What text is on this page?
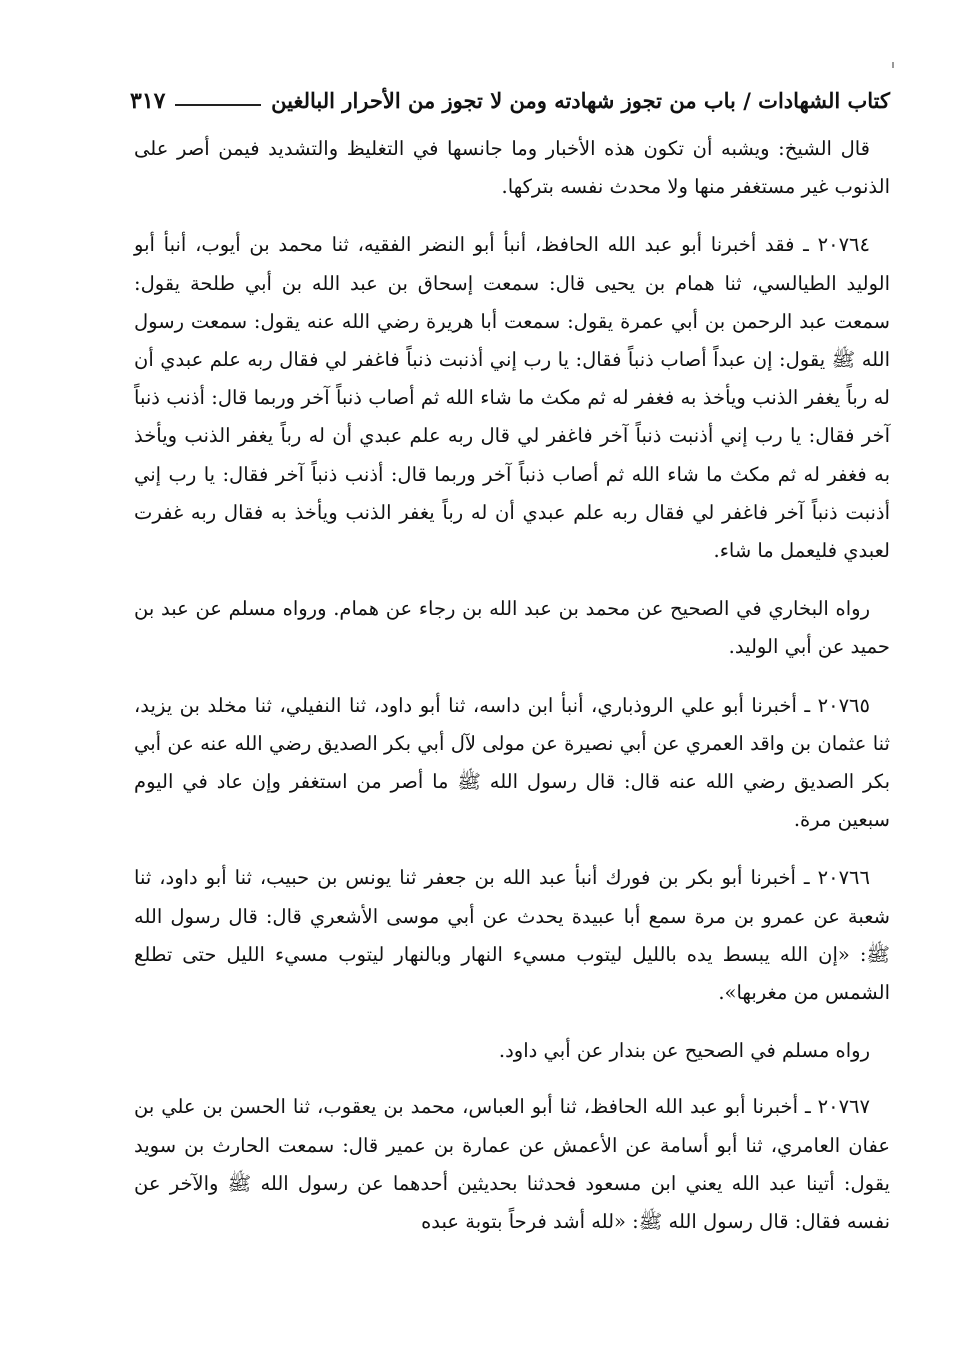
كتاب الشهادات / باب من تجوز شهادته ومن لا تجوز من الأحرار البالغين
٣١٧

قال الشيخ: ويشبه أن تكون هذه الأخبار وما جانسها في التغليظ والتشديد فيمن أصر على الذنوب غير مستغفر منها ولا محدث نفسه بتركها.

٢٠٧٦٤ ـ فقد أخبرنا أبو عبد الله الحافظ، أنبأ أبو النضر الفقيه، ثنا محمد بن أيوب، أنبأ أبو الوليد الطيالسي، ثنا همام بن يحيى قال: سمعت إسحاق بن عبد الله بن أبي طلحة يقول: سمعت عبد الرحمن بن أبي عمرة يقول: سمعت أبا هريرة رضي الله عنه يقول: سمعت رسول الله ﷺ يقول: إن عبداً أصاب ذنباً فقال: يا رب إني أذنبت ذنباً فاغفر لي فقال ربه علم عبدي أن له رباً يغفر الذنب ويأخذ به فغفر له ثم مكث ما شاء الله ثم أصاب ذنباً آخر وربما قال: أذنب ذنباً آخر فقال: يا رب إني أذنبت ذنباً آخر فاغفر لي قال ربه علم عبدي أن له رباً يغفر الذنب ويأخذ به فغفر له ثم مكث ما شاء الله ثم أصاب ذنباً آخر وربما قال: أذنب ذنباً آخر فقال: يا رب إني أذنبت ذنباً آخر فاغفر لي فقال ربه علم عبدي أن له رباً يغفر الذنب ويأخذ به فقال ربه غفرت لعبدي فليعمل ما شاء.

رواه البخاري في الصحيح عن محمد بن عبد الله بن رجاء عن همام. ورواه مسلم عن عبد بن حميد عن أبي الوليد.

٢٠٧٦٥ ـ أخبرنا أبو علي الروذباري، أنبأ ابن داسه، ثنا أبو داود، ثنا النفيلي، ثنا مخلد بن يزيد، ثنا عثمان بن واقد العمري عن أبي نصيرة عن مولى لآل أبي بكر الصديق رضي الله عنه عن أبي بكر الصديق رضي الله عنه قال: قال رسول الله ﷺ ما أصر من استغفر وإن عاد في اليوم سبعين مرة.

٢٠٧٦٦ ـ أخبرنا أبو بكر بن فورك أنبأ عبد الله بن جعفر ثنا يونس بن حبيب، ثنا أبو داود، ثنا شعبة عن عمرو بن مرة سمع أبا عبيدة يحدث عن أبي موسى الأشعري قال: قال رسول الله ﷺ: «إن الله يبسط يده بالليل ليتوب مسيء النهار وبالنهار ليتوب مسيء الليل حتى تطلع الشمس من مغربها».

رواه مسلم في الصحيح عن بندار عن أبي داود.

٢٠٧٦٧ ـ أخبرنا أبو عبد الله الحافظ، ثنا أبو العباس، محمد بن يعقوب، ثنا الحسن بن علي بن عفان العامري، ثنا أبو أسامة عن الأعمش عن عمارة بن عمير قال: سمعت الحارث بن سويد يقول: أتينا عبد الله يعني ابن مسعود فحدثنا بحديثين أحدهما عن رسول الله ﷺ والآخر عن نفسه فقال: قال رسول الله ﷺ: «لله أشد فرحاً بتوبة عبده
